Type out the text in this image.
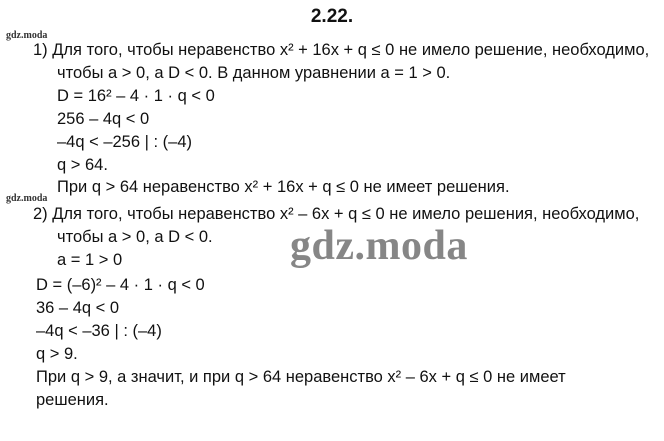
2.22.
gdz.moda
gdz.moda
gdz.moda
1) Для того, чтобы неравенство x² + 16x + q ≤ 0 не имело решение, необходимо,
чтобы a > 0, а D < 0. В данном уравнении a = 1 > 0.
D = 16² – 4 · 1 · q < 0
256 – 4q < 0
–4q < –256 | : (–4)
q > 64.
При q > 64 неравенство x² + 16x + q ≤ 0 не имеет решения.
2) Для того, чтобы неравенство x² – 6x + q ≤ 0 не имело решения, необходимо,
чтобы a > 0, а D < 0.
a = 1 > 0
D = (–6)² – 4 · 1 · q < 0
36 – 4q < 0
–4q < –36 | : (–4)
q > 9.
При q > 9, а значит, и при q > 64 неравенство x² – 6x + q ≤ 0 не имеет
решения.
